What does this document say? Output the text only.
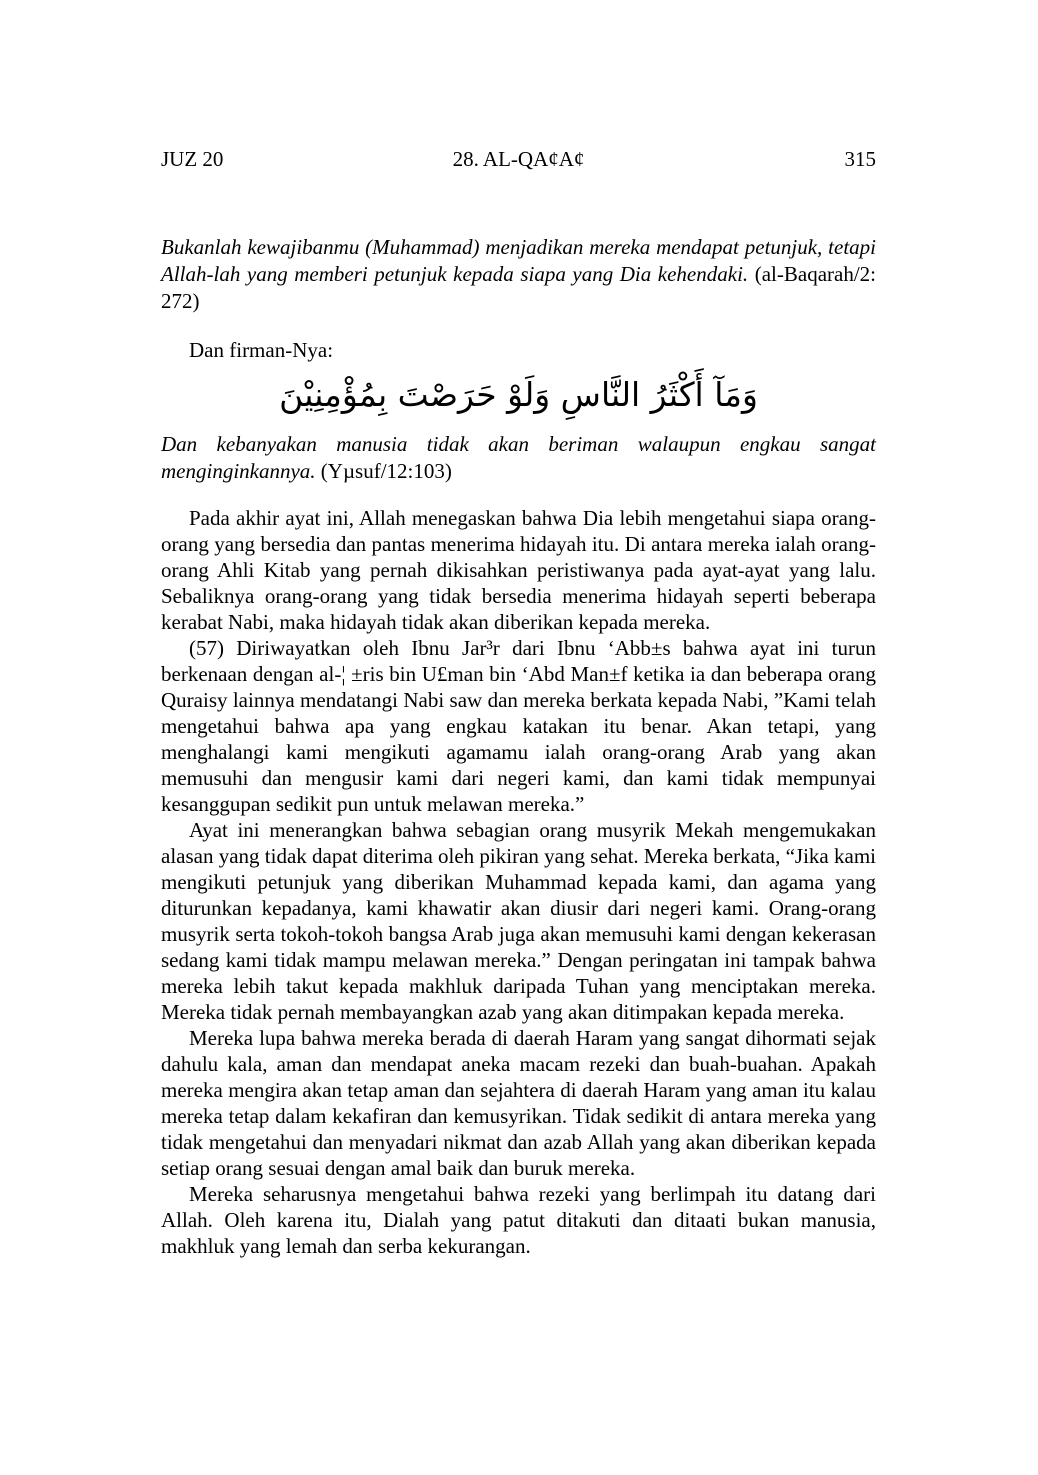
JUZ 20	28. AL-QA¢A¢	315

Bukanlah kewajibanmu (Muhammad) menjadikan mereka mendapat petunjuk, tetapi Allah-lah yang memberi petunjuk kepada siapa yang Dia kehendaki. (al-Baqarah/2: 272)

Dan firman-Nya:

وَمَآ أَكْثَرُ النَّاسِ وَلَوْ حَرَصْتَ بِمُؤْمِنِيْنَ

Dan kebanyakan manusia tidak akan beriman walaupun engkau sangat menginginkannya. (Yµsuf/12:103)

Pada akhir ayat ini, Allah menegaskan bahwa Dia lebih mengetahui siapa orang-orang yang bersedia dan pantas menerima hidayah itu. Di antara mereka ialah orang-orang Ahli Kitab yang pernah dikisahkan peristiwanya pada ayat-ayat yang lalu. Sebaliknya orang-orang yang tidak bersedia menerima hidayah seperti beberapa kerabat Nabi, maka hidayah tidak akan diberikan kepada mereka.

(57) Diriwayatkan oleh Ibnu Jar³r dari Ibnu ‘Abb±s bahwa ayat ini turun berkenaan dengan al-¦ ±ris bin U£man bin ‘Abd Man±f ketika ia dan beberapa orang Quraisy lainnya mendatangi Nabi saw dan mereka berkata kepada Nabi, ”Kami telah mengetahui bahwa apa yang engkau katakan itu benar. Akan tetapi, yang menghalangi kami mengikuti agamamu ialah orang-orang Arab yang akan memusuhi dan mengusir kami dari negeri kami, dan kami tidak mempunyai kesanggupan sedikit pun untuk melawan mereka.”

Ayat ini menerangkan bahwa sebagian orang musyrik Mekah mengemukakan alasan yang tidak dapat diterima oleh pikiran yang sehat. Mereka berkata, “Jika kami mengikuti petunjuk yang diberikan Muhammad kepada kami, dan agama yang diturunkan kepadanya, kami khawatir akan diusir dari negeri kami. Orang-orang musyrik serta tokoh-tokoh bangsa Arab juga akan memusuhi kami dengan kekerasan sedang kami tidak mampu melawan mereka.” Dengan peringatan ini tampak bahwa mereka lebih takut kepada makhluk daripada Tuhan yang menciptakan mereka. Mereka tidak pernah membayangkan azab yang akan ditimpakan kepada mereka.

Mereka lupa bahwa mereka berada di daerah Haram yang sangat dihormati sejak dahulu kala, aman dan mendapat aneka macam rezeki dan buah-buahan. Apakah mereka mengira akan tetap aman dan sejahtera di daerah Haram yang aman itu kalau mereka tetap dalam kekafiran dan kemusyrikan. Tidak sedikit di antara mereka yang tidak mengetahui dan menyadari nikmat dan azab Allah yang akan diberikan kepada setiap orang sesuai dengan amal baik dan buruk mereka.

Mereka seharusnya mengetahui bahwa rezeki yang berlimpah itu datang dari Allah. Oleh karena itu, Dialah yang patut ditakuti dan ditaati bukan manusia, makhluk yang lemah dan serba kekurangan.
